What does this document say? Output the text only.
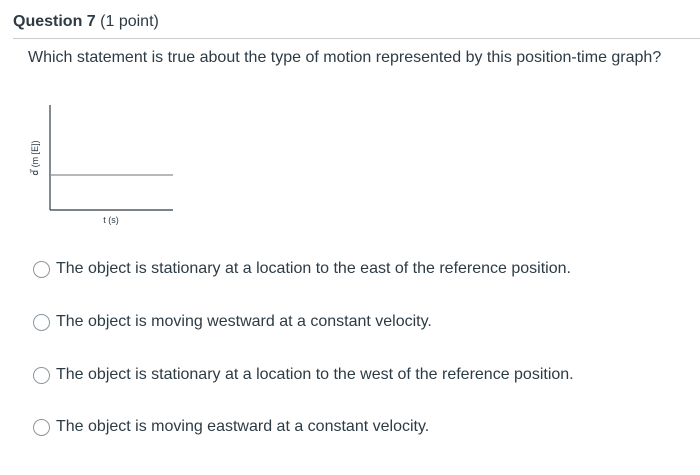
Question 7 (1 point)
Which statement is true about the type of motion represented by this position-time graph?
d⃗ (m [E])
t (s)
The object is stationary at a location to the east of the reference position.
The object is moving westward at a constant velocity.
The object is stationary at a location to the west of the reference position.
The object is moving eastward at a constant velocity.
